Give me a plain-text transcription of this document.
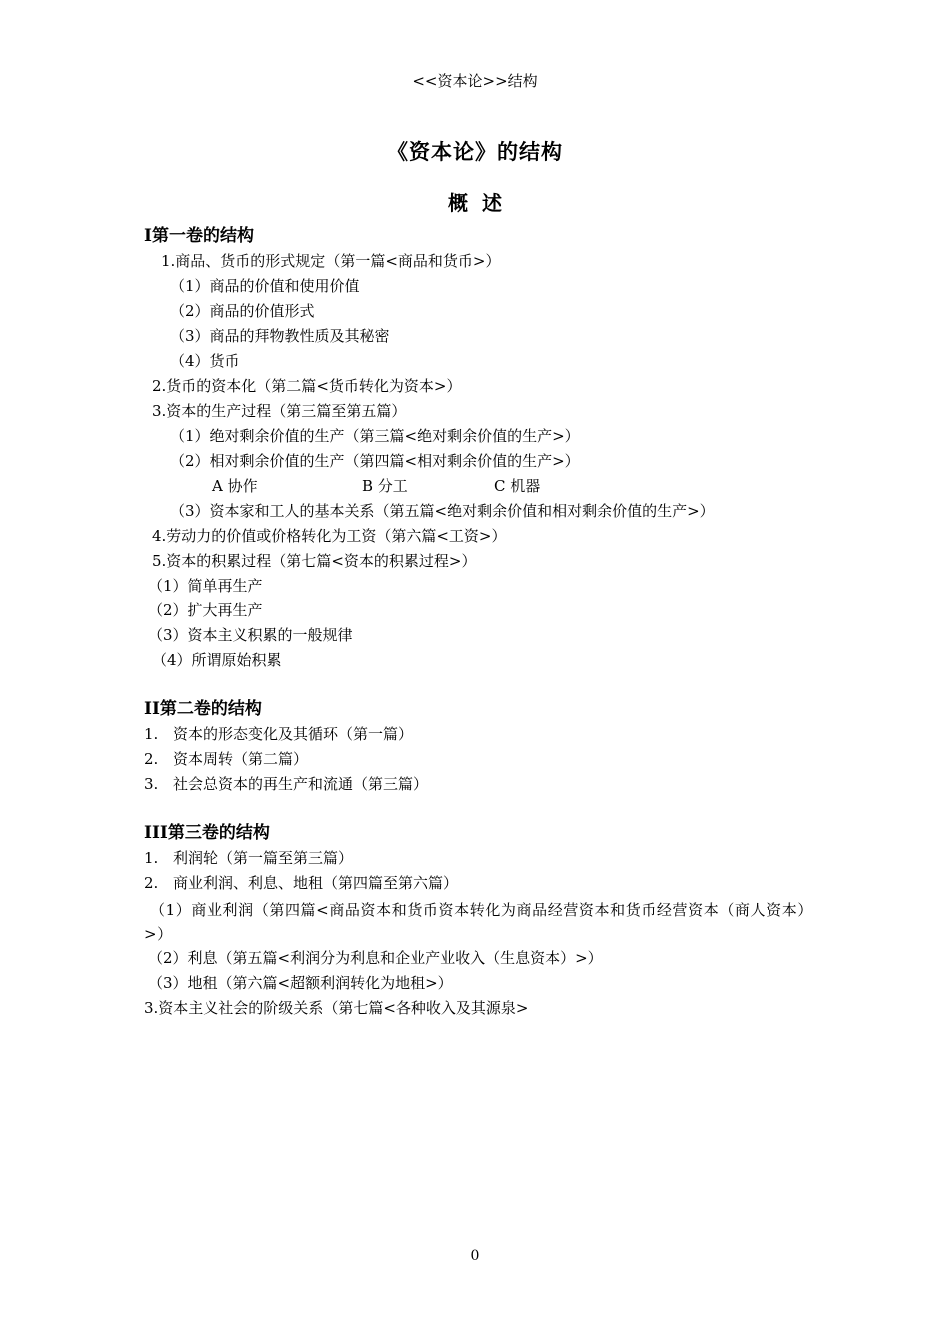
<<资本论>>结构
《资本论》的结构
概述
I第一卷的结构
1.商品、货币的形式规定（第一篇<商品和货币>）
（1）商品的价值和使用价值
（2）商品的价值形式
（3）商品的拜物教性质及其秘密
（4）货币
2.货币的资本化（第二篇<货币转化为资本>）
3.资本的生产过程（第三篇至第五篇）
（1）绝对剩余价值的生产（第三篇<绝对剩余价值的生产>）
（2）相对剩余价值的生产（第四篇<相对剩余价值的生产>）
A 协作	B 分工	C 机器
（3）资本家和工人的基本关系（第五篇<绝对剩余价值和相对剩余价值的生产>）
4.劳动力的价值或价格转化为工资（第六篇<工资>）
5.资本的积累过程（第七篇<资本的积累过程>）
（1）简单再生产
（2）扩大再生产
（3）资本主义积累的一般规律
（4）所谓原始积累
II第二卷的结构
1. 资本的形态变化及其循环（第一篇）
2. 资本周转（第二篇）
3. 社会总资本的再生产和流通（第三篇）
III第三卷的结构
1. 利润轮（第一篇至第三篇）
2. 商业利润、利息、地租（第四篇至第六篇）
（1）商业利润（第四篇<商品资本和货币资本转化为商品经营资本和货币经营资本（商人资本）>）
（2）利息（第五篇<利润分为利息和企业产业收入（生息资本）>）
（3）地租（第六篇<超额利润转化为地租>）
3.资本主义社会的阶级关系（第七篇<各种收入及其源泉>
0
